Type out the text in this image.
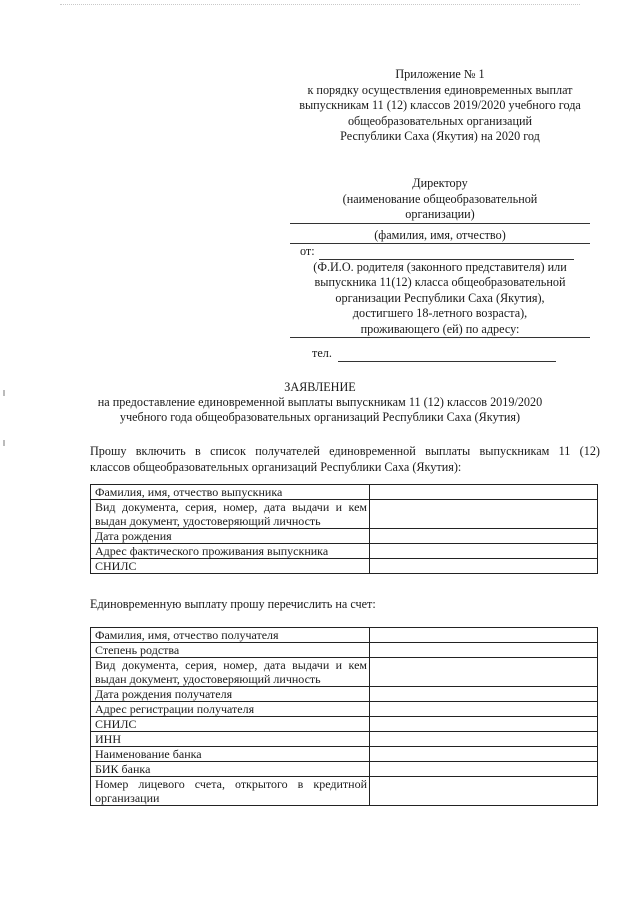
Приложение № 1
к порядку осуществления единовременных выплат
выпускникам 11 (12) классов 2019/2020 учебного года
общеобразовательных организаций
Республики Саха (Якутия) на 2020 год
Директору
(наименование общеобразовательной
организации)
(фамилия, имя, отчество)
от:
(Ф.И.О. родителя (законного представителя) или
выпускника 11(12) класса общеобразовательной
организации Республики Саха (Якутия),
достигшего 18-летного возраста),
проживающего (ей) по адресу:
тел.
ЗАЯВЛЕНИЕ
на предоставление единовременной выплаты выпускникам 11 (12) классов 2019/2020
учебного года общеобразовательных организаций Республики Саха (Якутия)
Прошу включить в список получателей единовременной выплаты выпускникам 11 (12)
классов общеобразовательных организаций Республики Саха (Якутия):
Фамилия, имя, отчество выпускника	
Вид документа, серия, номер, дата выдачи и кем выдан документ, удостоверяющий личность	
Дата рождения	
Адрес фактического проживания выпускника	
СНИЛС	
Единовременную выплату прошу перечислить на счет:
Фамилия, имя, отчество получателя	
Степень родства	
Вид документа, серия, номер, дата выдачи и кем выдан документ, удостоверяющий личность	
Дата рождения получателя	
Адрес регистрации получателя	
СНИЛС	
ИНН	
Наименование банка	
БИК банка	
Номер лицевого счета, открытого в кредитной организации	
